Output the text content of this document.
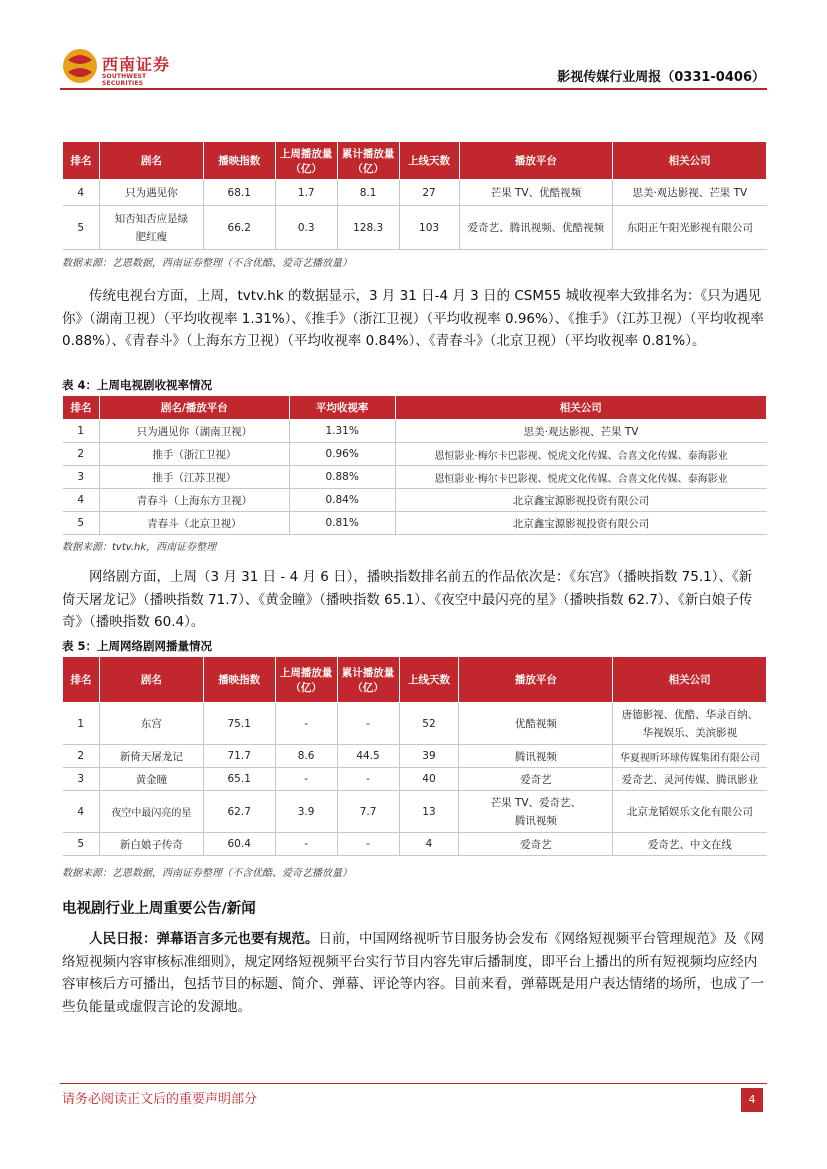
西南证券
SOUTHWEST SECURITIES	影视传媒行业周报（0331-0406）
排名	剧名	播映指数	上周播放量（亿）	累计播放量（亿）	上线天数	播放平台	相关公司
4	只为遇见你	68.1	1.7	8.1	27	芒果 TV、优酷视频	思美·观达影视、芒果 TV
5	知否知否应是绿肥红瘦	66.2	0.3	128.3	103	爱奇艺、腾讯视频、优酷视频	东阳正午阳光影视有限公司
数据来源：艺恩数据，西南证券整理（不含优酷、爱奇艺播放量）

传统电视台方面，上周，tvtv.hk 的数据显示，3 月 31 日-4 月 3 日的 CSM55 城收视率大致排名为：《只为遇见你》（湖南卫视）（平均收视率 1.31%）、《推手》（浙江卫视）（平均收视率 0.96%）、《推手》（江苏卫视）（平均收视率 0.88%）、《青春斗》（上海东方卫视）（平均收视率 0.84%）、《青春斗》（北京卫视）（平均收视率 0.81%）。

表 4：上周电视剧收视率情况
排名	剧名/播放平台	平均收视率	相关公司
1	只为遇见你（湖南卫视）	1.31%	思美·观达影视、芒果 TV
2	推手（浙江卫视）	0.96%	恩恒影业·梅尔卡巴影视、悦虎文化传媒、合喜文化传媒、泰海影业
3	推手（江苏卫视）	0.88%	恩恒影业·梅尔卡巴影视、悦虎文化传媒、合喜文化传媒、泰海影业
4	青春斗（上海东方卫视）	0.84%	北京鑫宝源影视投资有限公司
5	青春斗（北京卫视）	0.81%	北京鑫宝源影视投资有限公司
数据来源：tvtv.hk，西南证券整理

网络剧方面，上周（3 月 31 日 - 4 月 6 日），播映指数排名前五的作品依次是：《东宫》（播映指数 75.1）、《新倚天屠龙记》（播映指数 71.7）、《黄金瞳》（播映指数 65.1）、《夜空中最闪亮的星》（播映指数 62.7）、《新白娘子传奇》（播映指数 60.4）。

表 5：上周网络剧网播量情况
排名	剧名	播映指数	上周播放量（亿）	累计播放量（亿）	上线天数	播放平台	相关公司
1	东宫	75.1	-	-	52	优酷视频	唐德影视、优酷、华录百纳、华视娱乐、美滨影视
2	新倚天屠龙记	71.7	8.6	44.5	39	腾讯视频	华夏视听环球传媒集团有限公司
3	黄金瞳	65.1	-	-	40	爱奇艺	爱奇艺、灵河传媒、腾讯影业
4	夜空中最闪亮的星	62.7	3.9	7.7	13	芒果 TV、爱奇艺、腾讯视频	北京龙韬娱乐文化有限公司
5	新白娘子传奇	60.4	-	-	4	爱奇艺	爱奇艺、中文在线
数据来源：艺恩数据，西南证券整理（不含优酷、爱奇艺播放量）
电视剧行业上周重要公告/新闻

人民日报：弹幕语言多元也要有规范。日前，中国网络视听节目服务协会发布《网络短视频平台管理规范》及《网络短视频内容审核标准细则》，规定网络短视频平台实行节目内容先审后播制度，即平台上播出的所有短视频均应经内容审核后方可播出，包括节目的标题、简介、弹幕、评论等内容。目前来看，弹幕既是用户表达情绪的场所，也成了一些负能量或虚假言论的发源地。

请务必阅读正文后的重要声明部分	4
